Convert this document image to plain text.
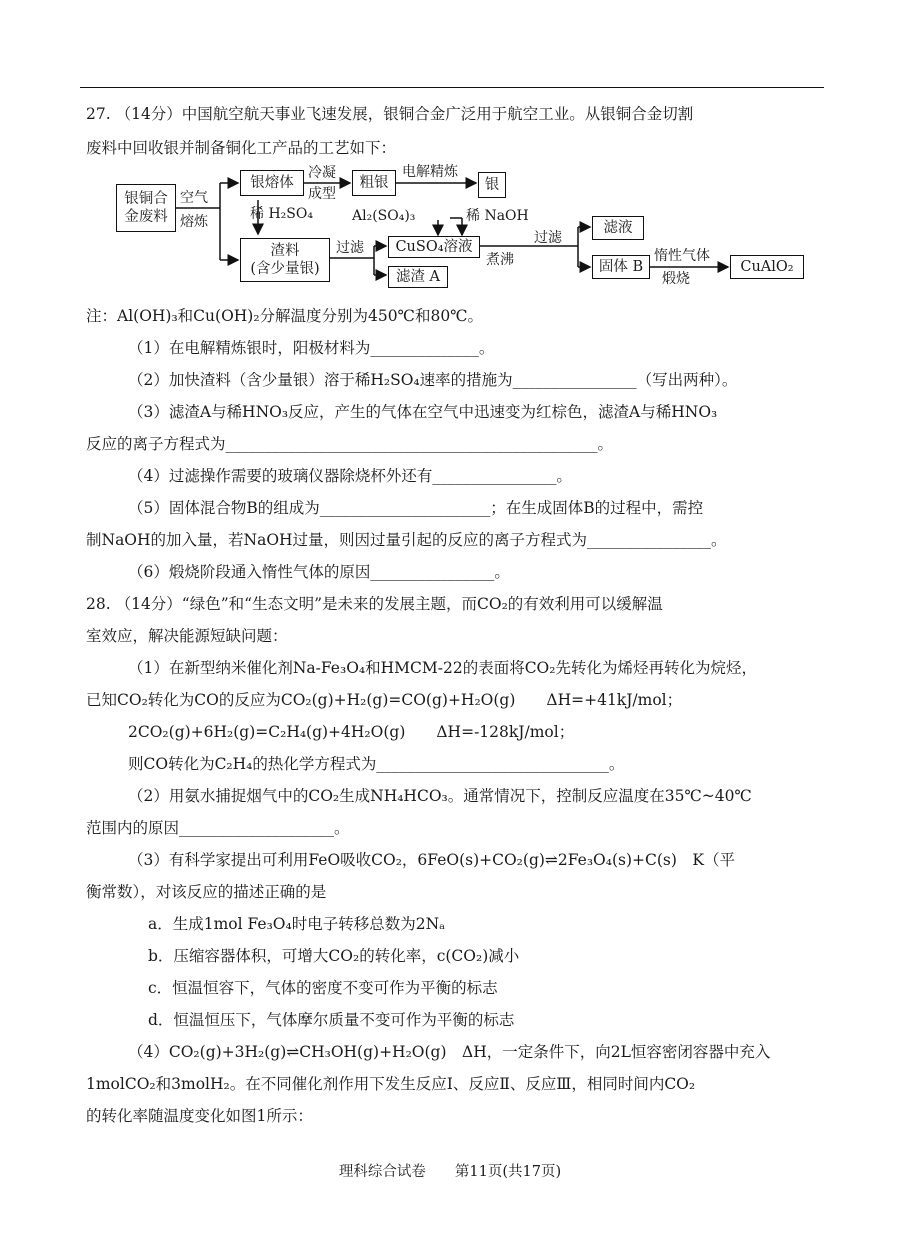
27. （14分）中国航空航天事业飞速发展，银铜合金广泛用于航空工业。从银铜合金切割
废料中回收银并制备铜化工产品的工艺如下：
银铜合金废料
空气
熔炼
银熔体
冷凝
成型
粗银
电解精炼
银
稀 H₂SO₄
渣料
(含少量银)
过滤
Al₂(SO₄)₃	稀 NaOH
CuSO₄溶液
滤渣 A
煮沸
过滤
滤液
固体 B
惰性气体
煅烧
CuAlO₂
注：Al(OH)₃和Cu(OH)₂分解温度分别为450℃和80℃。
（1）在电解精炼银时，阳极材料为______________。
（2）加快渣料（含少量银）溶于稀H₂SO₄速率的措施为________________（写出两种）。
（3）滤渣A与稀HNO₃反应，产生的气体在空气中迅速变为红棕色，滤渣A与稀HNO₃
反应的离子方程式为________________________________________________。
（4）过滤操作需要的玻璃仪器除烧杯外还有________________。
（5）固体混合物B的组成为______________________；在生成固体B的过程中，需控
制NaOH的加入量，若NaOH过量，则因过量引起的反应的离子方程式为________________。
（6）煅烧阶段通入惰性气体的原因________________。
28. （14分）“绿色”和“生态文明”是未来的发展主题，而CO₂的有效利用可以缓解温
室效应，解决能源短缺问题：
（1）在新型纳米催化剂Na-Fe₃O₄和HMCM-22的表面将CO₂先转化为烯烃再转化为烷烃，
已知CO₂转化为CO的反应为CO₂(g)+H₂(g)=CO(g)+H₂O(g)　　ΔH=+41kJ/mol；
2CO₂(g)+6H₂(g)=C₂H₄(g)+4H₂O(g)　　ΔH=-128kJ/mol；
则CO转化为C₂H₄的热化学方程式为______________________________。
（2）用氨水捕捉烟气中的CO₂生成NH₄HCO₃。通常情况下，控制反应温度在35℃~40℃
范围内的原因____________________。
（3）有科学家提出可利用FeO吸收CO₂，6FeO(s)+CO₂(g)⇌2Fe₃O₄(s)+C(s)　K（平
衡常数），对该反应的描述正确的是
a．生成1mol Fe₃O₄时电子转移总数为2Nₐ
b．压缩容器体积，可增大CO₂的转化率，c(CO₂)减小
c．恒温恒容下，气体的密度不变可作为平衡的标志
d．恒温恒压下，气体摩尔质量不变可作为平衡的标志
（4）CO₂(g)+3H₂(g)⇌CH₃OH(g)+H₂O(g)　ΔH，一定条件下，向2L恒容密闭容器中充入
1molCO₂和3molH₂。在不同催化剂作用下发生反应Ⅰ、反应Ⅱ、反应Ⅲ，相同时间内CO₂
的转化率随温度变化如图1所示：
理科综合试卷　　第11页(共17页)
